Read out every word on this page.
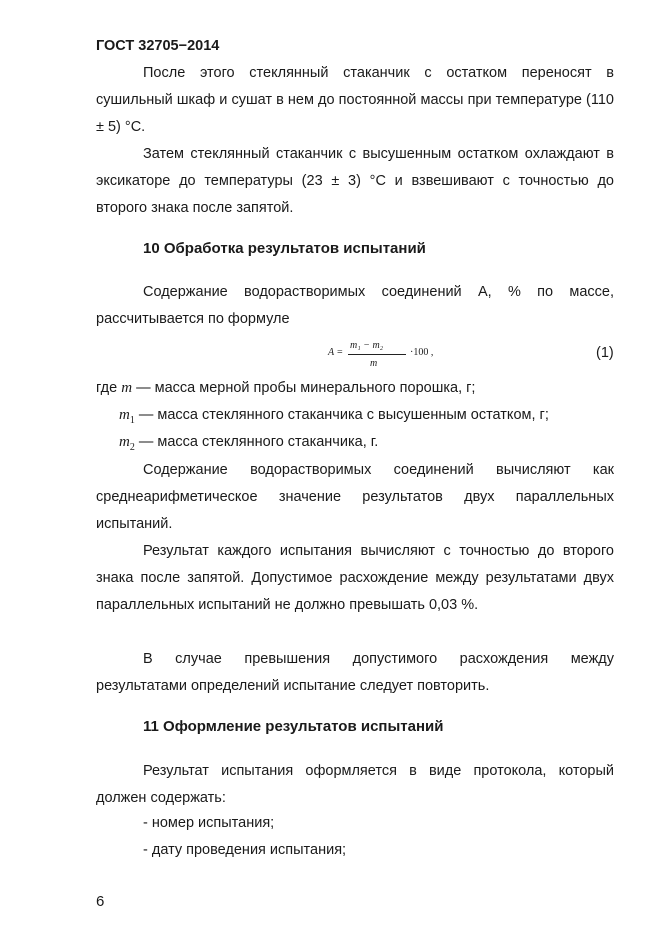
ГОСТ 32705−2014

После этого стеклянный стаканчик с остатком переносят в сушильный шкаф и сушат в нем до постоянной массы при температуре (110 ± 5) °С.

Затем стеклянный стаканчик с высушенным остатком охлаждают в эксикаторе до температуры (23 ± 3) °С и взвешивают с точностью до второго знака после запятой.

10 Обработка результатов испытаний

Содержание водорастворимых соединений А, % по массе, рассчитывается по формуле

A =
m₁ − m₂
m
·100 ,	(1)
где m — масса мерной пробы минерального порошка, г;
$m_1$ — масса стеклянного стаканчика с высушенным остатком, г;
$m_2$ — масса стеклянного стаканчика, г.

Содержание водорастворимых соединений вычисляют как среднеарифметическое значение результатов двух параллельных испытаний.

Результат каждого испытания вычисляют с точностью до второго знака после запятой. Допустимое расхождение между результатами двух параллельных испытаний не должно превышать 0,03 %.

В случае превышения допустимого расхождения между результатами определений испытание следует повторить.

11 Оформление результатов испытаний

Результат испытания оформляется в виде протокола, который должен содержать:

- номер испытания;
- дату проведения испытания;
6
